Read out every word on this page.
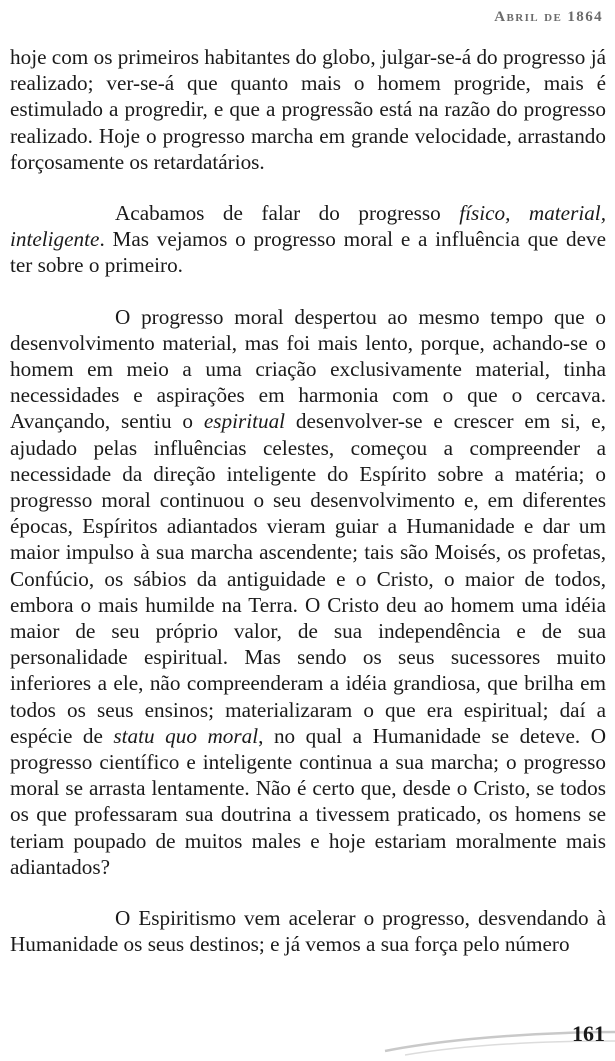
Abril de 1864

hoje com os primeiros habitantes do globo, julgar-se-á do progresso já realizado; ver-se-á que quanto mais o homem progride, mais é estimulado a progredir, e que a progressão está na razão do progresso realizado. Hoje o progresso marcha em grande velocidade, arrastando forçosamente os retardatários.

Acabamos de falar do progresso físico, material, inteligente. Mas vejamos o progresso moral e a influência que deve ter sobre o primeiro.

O progresso moral despertou ao mesmo tempo que o desenvolvimento material, mas foi mais lento, porque, achando-se o homem em meio a uma criação exclusivamente material, tinha necessidades e aspirações em harmonia com o que o cercava. Avançando, sentiu o espiritual desenvolver-se e crescer em si, e, ajudado pelas influências celestes, começou a compreender a necessidade da direção inteligente do Espírito sobre a matéria; o progresso moral continuou o seu desenvolvimento e, em diferentes épocas, Espíritos adiantados vieram guiar a Humanidade e dar um maior impulso à sua marcha ascendente; tais são Moisés, os profetas, Confúcio, os sábios da antiguidade e o Cristo, o maior de todos, embora o mais humilde na Terra. O Cristo deu ao homem uma idéia maior de seu próprio valor, de sua independência e de sua personalidade espiritual. Mas sendo os seus sucessores muito inferiores a ele, não compreenderam a idéia grandiosa, que brilha em todos os seus ensinos; materializaram o que era espiritual; daí a espécie de statu quo moral, no qual a Humanidade se deteve. O progresso científico e inteligente continua a sua marcha; o progresso moral se arrasta lentamente. Não é certo que, desde o Cristo, se todos os que professaram sua doutrina a tivessem praticado, os homens se teriam poupado de muitos males e hoje estariam moralmente mais adiantados?

O Espiritismo vem acelerar o progresso, desvendando à Humanidade os seus destinos; e já vemos a sua força pelo número

161
